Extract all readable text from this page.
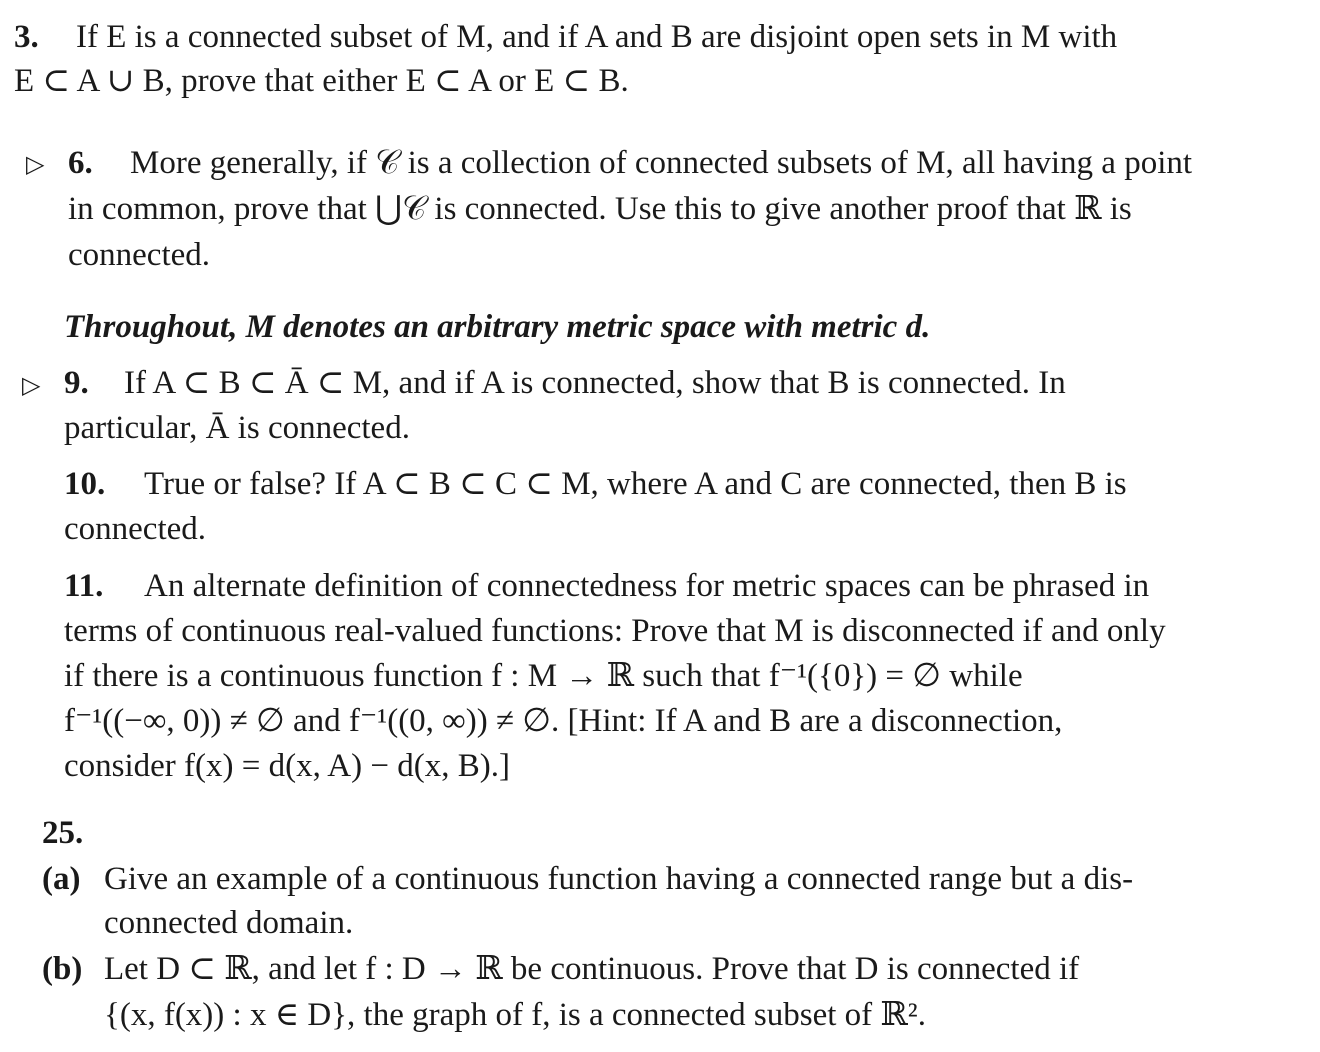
3. If E is a connected subset of M, and if A and B are disjoint open sets in M with
E ⊂ A ∪ B, prove that either E ⊂ A or E ⊂ B.
▷ 6. More generally, if 𝒞 is a collection of connected subsets of M, all having a point
in common, prove that ⋃𝒞 is connected. Use this to give another proof that ℝ is
connected.
Throughout, M denotes an arbitrary metric space with metric d.
▷ 9. If A ⊂ B ⊂ Ā ⊂ M, and if A is connected, show that B is connected. In
particular, Ā is connected.
10. True or false? If A ⊂ B ⊂ C ⊂ M, where A and C are connected, then B is
connected.
11. An alternate definition of connectedness for metric spaces can be phrased in
terms of continuous real-valued functions: Prove that M is disconnected if and only
if there is a continuous function f : M → ℝ such that f⁻¹({0}) = ∅ while
f⁻¹((−∞, 0)) ≠ ∅ and f⁻¹((0, ∞)) ≠ ∅. [Hint: If A and B are a disconnection,
consider f(x) = d(x, A) − d(x, B).]
25.
(a) Give an example of a continuous function having a connected range but a dis-
connected domain.
(b) Let D ⊂ ℝ, and let f : D → ℝ be continuous. Prove that D is connected if
{(x, f(x)) : x ∈ D}, the graph of f, is a connected subset of ℝ².
